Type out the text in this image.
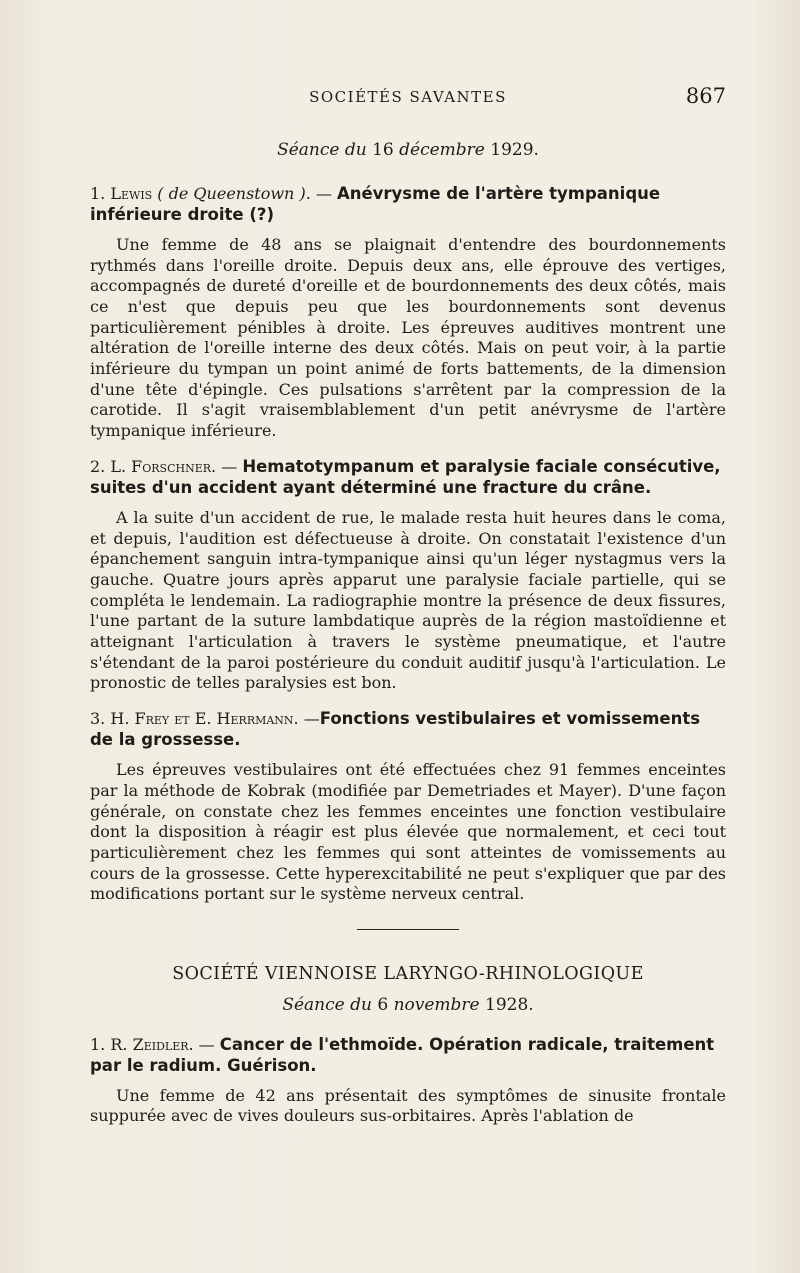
SOCIÉTÉS SAVANTES	867

Séance du 16 décembre 1929.

1. Lewis ( de Queenstown ). — Anévrysme de l'artère tympanique inférieure droite (?)

Une femme de 48 ans se plaignait d'entendre des bourdonnements rythmés dans l'oreille droite. Depuis deux ans, elle éprouve des vertiges, accompagnés de dureté d'oreille et de bourdonnements des deux côtés, mais ce n'est que depuis peu que les bourdonnements sont devenus particulièrement pénibles à droite. Les épreuves auditives montrent une altération de l'oreille interne des deux côtés. Mais on peut voir, à la partie inférieure du tympan un point animé de forts battements, de la dimension d'une tête d'épingle. Ces pulsations s'arrêtent par la compression de la carotide. Il s'agit vraisemblablement d'un petit anévrysme de l'artère tympanique inférieure.

2. L. Forschner. — Hematotympanum et paralysie faciale consécutive, suites d'un accident ayant déterminé une fracture du crâne.

A la suite d'un accident de rue, le malade resta huit heures dans le coma, et depuis, l'audition est défectueuse à droite. On constatait l'existence d'un épanchement sanguin intra-tympanique ainsi qu'un léger nystagmus vers la gauche. Quatre jours après apparut une paralysie faciale partielle, qui se compléta le lendemain. La radiographie montre la présence de deux fissures, l'une partant de la suture lambdatique auprès de la région mastoïdienne et atteignant l'articulation à travers le système pneumatique, et l'autre s'étendant de la paroi postérieure du conduit auditif jusqu'à l'articulation. Le pronostic de telles paralysies est bon.

3. H. Frey et E. Herrmann. —Fonctions vestibulaires et vomissements de la grossesse.

Les épreuves vestibulaires ont été effectuées chez 91 femmes enceintes par la méthode de Kobrak (modifiée par Demetriades et Mayer). D'une façon générale, on constate chez les femmes enceintes une fonction vestibulaire dont la disposition à réagir est plus élevée que normalement, et ceci tout particulièrement chez les femmes qui sont atteintes de vomissements au cours de la grossesse. Cette hyperexcitabilité ne peut s'expliquer que par des modifications portant sur le système nerveux central.

SOCIÉTÉ VIENNOISE LARYNGO-RHINOLOGIQUE

Séance du 6 novembre 1928.

1. R. Zeidler. — Cancer de l'ethmoïde. Opération radicale, traitement par le radium. Guérison.

Une femme de 42 ans présentait des symptômes de sinusite frontale suppurée avec de vives douleurs sus-orbitaires. Après l'ablation de
